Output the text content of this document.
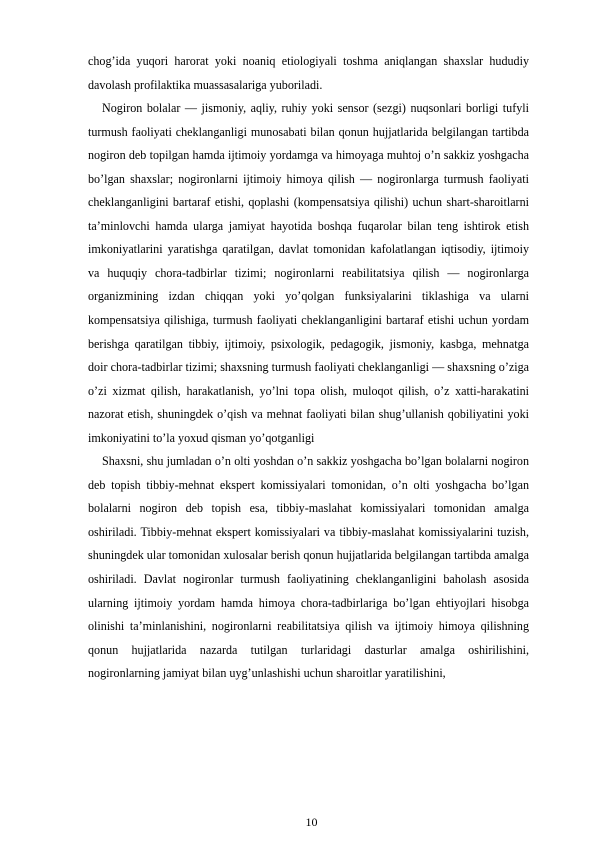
chog’ida yuqori harorat yoki noaniq etiologiyali toshma aniqlangan shaxslar hududiy davolash profilaktika muassasalariga yuboriladi.

Nogiron bolalar — jismoniy, aqliy, ruhiy yoki sensor (sezgi) nuqsonlari borligi tufyli turmush faoliyati cheklanganligi munosabati bilan qonun hujjatlarida belgilangan tartibda nogiron deb topilgan hamda ijtimoiy yordamga va himoyaga muhtoj o’n sakkiz yoshgacha bo’lgan shaxslar; nogironlarni ijtimoiy himoya qilish — nogironlarga turmush faoliyati cheklanganligini bartaraf etishi, qoplashi (kompensatsiya qilishi) uchun shart-sharoitlarni ta’minlovchi hamda ularga jamiyat hayotida boshqa fuqarolar bilan teng ishtirok etish imkoniyatlarini yaratishga qaratilgan, davlat tomonidan kafolatlangan iqtisodiy, ijtimoiy va huquqiy chora-tadbirlar tizimi; nogironlarni reabilitatsiya qilish — nogironlarga organizmining izdan chiqqan yoki yo’qolgan funksiyalarini tiklashiga va ularni kompensatsiya qilishiga, turmush faoliyati cheklanganligini bartaraf etishi uchun yordam berishga qaratilgan tibbiy, ijtimoiy, psixologik, pedagogik, jismoniy, kasbga, mehnatga doir chora-tadbirlar tizimi; shaxsning turmush faoliyati cheklanganligi — shaxsning o’ziga o’zi xizmat qilish, harakatlanish, yo’lni topa olish, muloqot qilish, o’z xatti-harakatini nazorat etish, shuningdek o’qish va mehnat faoliyati bilan shug’ullanish qobiliyatini yoki imkoniyatini to’la yoxud qisman yo’qotganligi

Shaxsni, shu jumladan o’n olti yoshdan o’n sakkiz yoshgacha bo’lgan bolalarni nogiron deb topish tibbiy-mehnat ekspert komissiyalari tomonidan, o’n olti yoshgacha bo’lgan bolalarni nogiron deb topish esa, tibbiy-maslahat komissiyalari tomonidan amalga oshiriladi. Tibbiy-mehnat ekspert komissiyalari va tibbiy-maslahat komissiyalarini tuzish, shuningdek ular tomonidan xulosalar berish qonun hujjatlarida belgilangan tartibda amalga oshiriladi. Davlat nogironlar turmush faoliyatining cheklanganligini baholash asosida ularning ijtimoiy yordam hamda himoya chora-tadbirlariga bo’lgan ehtiyojlari hisobga olinishi ta’minlanishini, nogironlarni reabilitatsiya qilish va ijtimoiy himoya qilishning qonun hujjatlarida nazarda tutilgan turlaridagi dasturlar amalga oshirilishini, nogironlarning jamiyat bilan uyg’unlashishi uchun sharoitlar yaratilishini,

10
